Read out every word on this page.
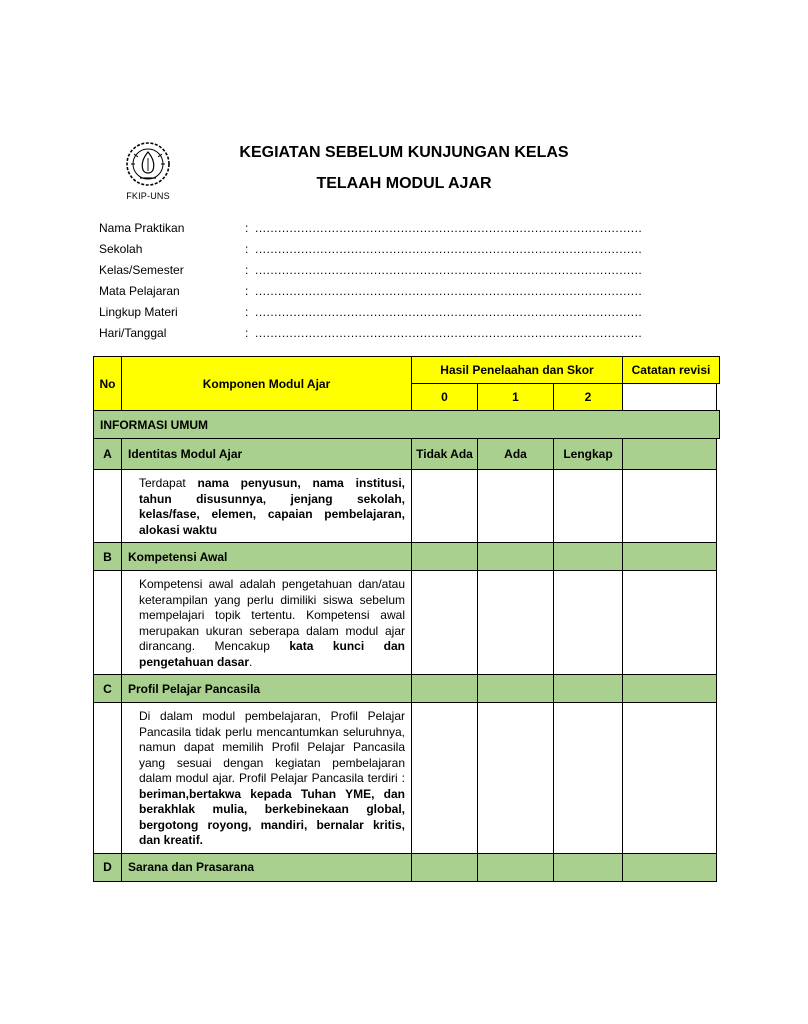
FKIP-UNS
KEGIATAN SEBELUM KUNJUNGAN KELAS
TELAAH MODUL AJAR
Nama Praktikan	: .....................................................................................................
Sekolah	: .....................................................................................................
Kelas/Semester	: .....................................................................................................
Mata Pelajaran	: .....................................................................................................
Lingkup Materi	: .....................................................................................................
Hari/Tanggal	: .....................................................................................................
No	Komponen Modul Ajar	Hasil Penelaahan dan Skor			Catatan revisi	
		0	1	2		
INFORMASI UMUM						
A	Identitas Modul Ajar	Tidak Ada	Ada	Lengkap		
	Terdapat nama penyusun, nama institusi, tahun disusunnya, jenjang sekolah, kelas/fase, elemen, capaian pembelajaran, alokasi waktu					
B	Kompetensi Awal					
	Kompetensi awal adalah pengetahuan dan/atau keterampilan yang perlu dimiliki siswa sebelum mempelajari topik tertentu. Kompetensi awal merupakan ukuran seberapa dalam modul ajar dirancang. Mencakup kata kunci dan pengetahuan dasar.					
C	Profil Pelajar Pancasila					
	Di dalam modul pembelajaran, Profil Pelajar Pancasila tidak perlu mencantumkan seluruhnya, namun dapat memilih Profil Pelajar Pancasila yang sesuai dengan kegiatan pembelajaran dalam modul ajar. Profil Pelajar Pancasila terdiri : beriman,bertakwa kepada Tuhan YME, dan berakhlak mulia, berkebinekaan global, bergotong royong, mandiri, bernalar kritis, dan kreatif.					
D	Sarana dan Prasarana					
